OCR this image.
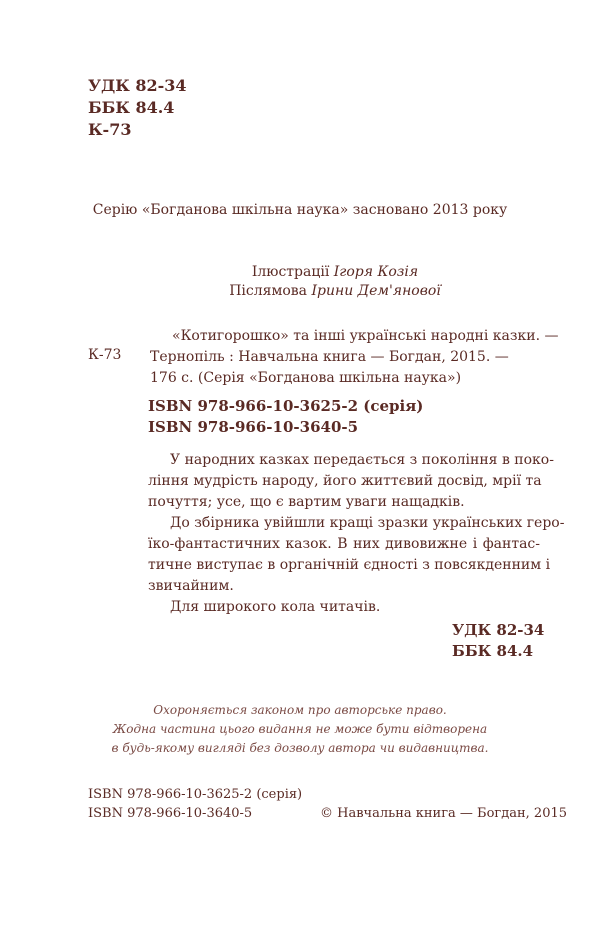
УДК 82-34
ББК 84.4
К-73
Серію «Богданова шкільна наука» засновано 2013 року
Ілюстрації Ігоря Козія
Післямова Ірини Дем'янової
К-73
«Котигорошко» та інші українські народні казки. —
Тернопіль : Навчальна книга — Богдан, 2015. —
176 с. (Серія «Богданова шкільна наука»)
ISBN 978-966-10-3625-2 (серія)
ISBN 978-966-10-3640-5
У народних казках передається з покоління в поко-
ління мудрість народу, його життєвий досвід, мрії та
почуття; усе, що є вартим уваги нащадків.
До збірника увійшли кращі зразки українських геро-
їко-фантастичних казок. В них дивовижне і фантас-
тичне виступає в органічній єдності з повсякденним і
звичайним.
Для широкого кола читачів.
УДК 82-34
ББК 84.4
Охороняється законом про авторське право.
Жодна частина цього видання не може бути відтворена
в будь-якому вигляді без дозволу автора чи видавництва.
ISBN 978-966-10-3625-2 (серія)
ISBN 978-966-10-3640-5	© Навчальна книга — Богдан, 2015
